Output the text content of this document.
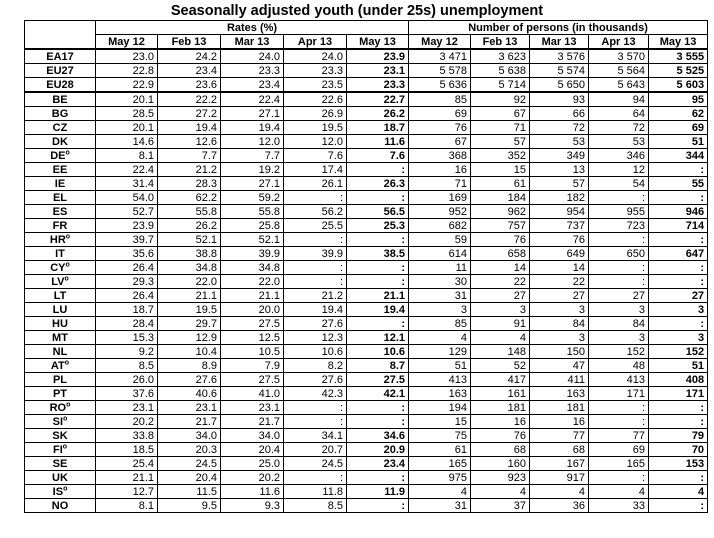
Seasonally adjusted youth (under 25s) unemployment
	Rates (%)					Number of persons (in thousands)				
	May 12	Feb 13	Mar 13	Apr 13	May 13	May 12	Feb 13	Mar 13	Apr 13	May 13
EA17	23.0	24.2	24.0	24.0	23.9	3 471	3 623	3 576	3 570	3 555
EU27	22.8	23.4	23.3	23.3	23.1	5 578	5 638	5 574	5 564	5 525
EU28	22.9	23.6	23.4	23.5	23.3	5 636	5 714	5 650	5 643	5 603
BE	20.1	22.2	22.4	22.6	22.7	85	92	93	94	95
BG	28.5	27.2	27.1	26.9	26.2	69	67	66	64	62
CZ	20.1	19.4	19.4	19.5	18.7	76	71	72	72	69
DK	14.6	12.6	12.0	12.0	11.6	67	57	53	53	51
$DE^o$	8.1	7.7	7.7	7.6	7.6	368	352	349	346	344
EE	22.4	21.2	19.2	17.4	:	16	15	13	12	:
IE	31.4	28.3	27.1	26.1	26.3	71	61	57	54	55
EL	54.0	62.2	59.2	:	:	169	184	182	:	:
ES	52.7	55.8	55.8	56.2	56.5	952	962	954	955	946
FR	23.9	26.2	25.8	25.5	25.3	682	757	737	723	714
$HR^o$	39.7	52.1	52.1	:	:	59	76	76	:	:
IT	35.6	38.8	39.9	39.9	38.5	614	658	649	650	647
$CY^o$	26.4	34.8	34.8	:	:	11	14	14	:	:
$LV^o$	29.3	22.0	22.0	:	:	30	22	22	:	:
LT	26.4	21.1	21.1	21.2	21.1	31	27	27	27	27
LU	18.7	19.5	20.0	19.4	19.4	3	3	3	3	3
HU	28.4	29.7	27.5	27.6	:	85	91	84	84	:
MT	15.3	12.9	12.5	12.3	12.1	4	4	3	3	3
NL	9.2	10.4	10.5	10.6	10.6	129	148	150	152	152
$AT^o$	8.5	8.9	7.9	8.2	8.7	51	52	47	48	51
PL	26.0	27.6	27.5	27.6	27.5	413	417	411	413	408
PT	37.6	40.6	41.0	42.3	42.1	163	161	163	171	171
$RO^o$	23.1	23.1	23.1	:	:	194	181	181	:	:
$SI^o$	20.2	21.7	21.7	:	:	15	16	16	:	:
SK	33.8	34.0	34.0	34.1	34.6	75	76	77	77	79
$FI^o$	18.5	20.3	20.4	20.7	20.9	61	68	68	69	70
SE	25.4	24.5	25.0	24.5	23.4	165	160	167	165	153
UK	21.1	20.4	20.2	:	:	975	923	917	:	:
$IS^o$	12.7	11.5	11.6	11.8	11.9	4	4	4	4	4
NO	8.1	9.5	9.3	8.5	:	31	37	36	33	:
